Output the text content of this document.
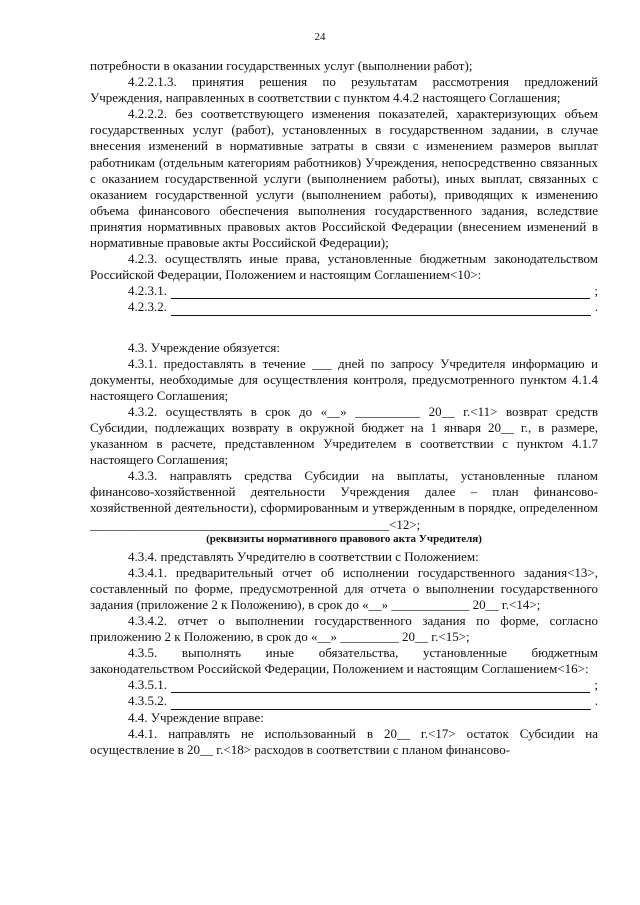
24

потребности в оказании государственных услуг (выполнении работ);

4.2.2.1.3. принятия решения по результатам рассмотрения предложений Учреждения, направленных в соответствии с пунктом 4.4.2 настоящего Соглашения;

4.2.2.2. без соответствующего изменения показателей, характеризующих объем государственных услуг (работ), установленных в государственном задании, в случае внесения изменений в нормативные затраты в связи с изменением размеров выплат работникам (отдельным категориям работников) Учреждения, непосредственно связанных с оказанием государственной услуги (выполнением работы), иных выплат, связанных с оказанием государственной услуги (выполнением работы), приводящих к изменению объема финансового обеспечения выполнения государственного задания, вследствие принятия нормативных правовых актов Российской Федерации (внесением изменений в нормативные правовые акты Российской Федерации);

4.2.3. осуществлять иные права, установленные бюджетным законодательством Российской Федерации, Положением и настоящим Соглашением<10>:

4.2.3.1.	;
4.2.3.2.	.

4.3. Учреждение обязуется:

4.3.1. предоставлять в течение ___ дней по запросу Учредителя информацию и документы, необходимые для осуществления контроля, предусмотренного пунктом 4.1.4 настоящего Соглашения;

4.3.2. осуществлять в срок до «__» __________ 20__ г.<11> возврат средств Субсидии, подлежащих возврату в окружной бюджет на 1 января 20__ г., в размере, указанном в расчете, представленном Учредителем в соответствии с пунктом 4.1.7 настоящего Соглашения;

4.3.3. направлять средства Субсидии на выплаты, установленные планом финансово-хозяйственной деятельности Учреждения далее – план финансово-хозяйственной деятельности), сформированным и утвержденным в порядке, определенном ______________________________________________<12>;

(реквизиты нормативного правового акта Учредителя)

4.3.4. представлять Учредителю в соответствии с Положением:

4.3.4.1. предварительный отчет об исполнении государственного задания<13>, составленный по форме, предусмотренной для отчета о выполнении государственного задания (приложение 2 к Положению), в срок до «__» ____________ 20__ г.<14>;

4.3.4.2. отчет о выполнении государственного задания по форме, согласно приложению 2 к Положению, в срок до «__» _________ 20__ г.<15>;

4.3.5. выполнять иные обязательства, установленные бюджетным законодательством Российской Федерации, Положением и настоящим Соглашением<16>:

4.3.5.1.	;
4.3.5.2.	.

4.4. Учреждение вправе:

4.4.1. направлять не использованный в 20__ г.<17> остаток Субсидии на осуществление в 20__ г.<18> расходов в соответствии с планом финансово-
